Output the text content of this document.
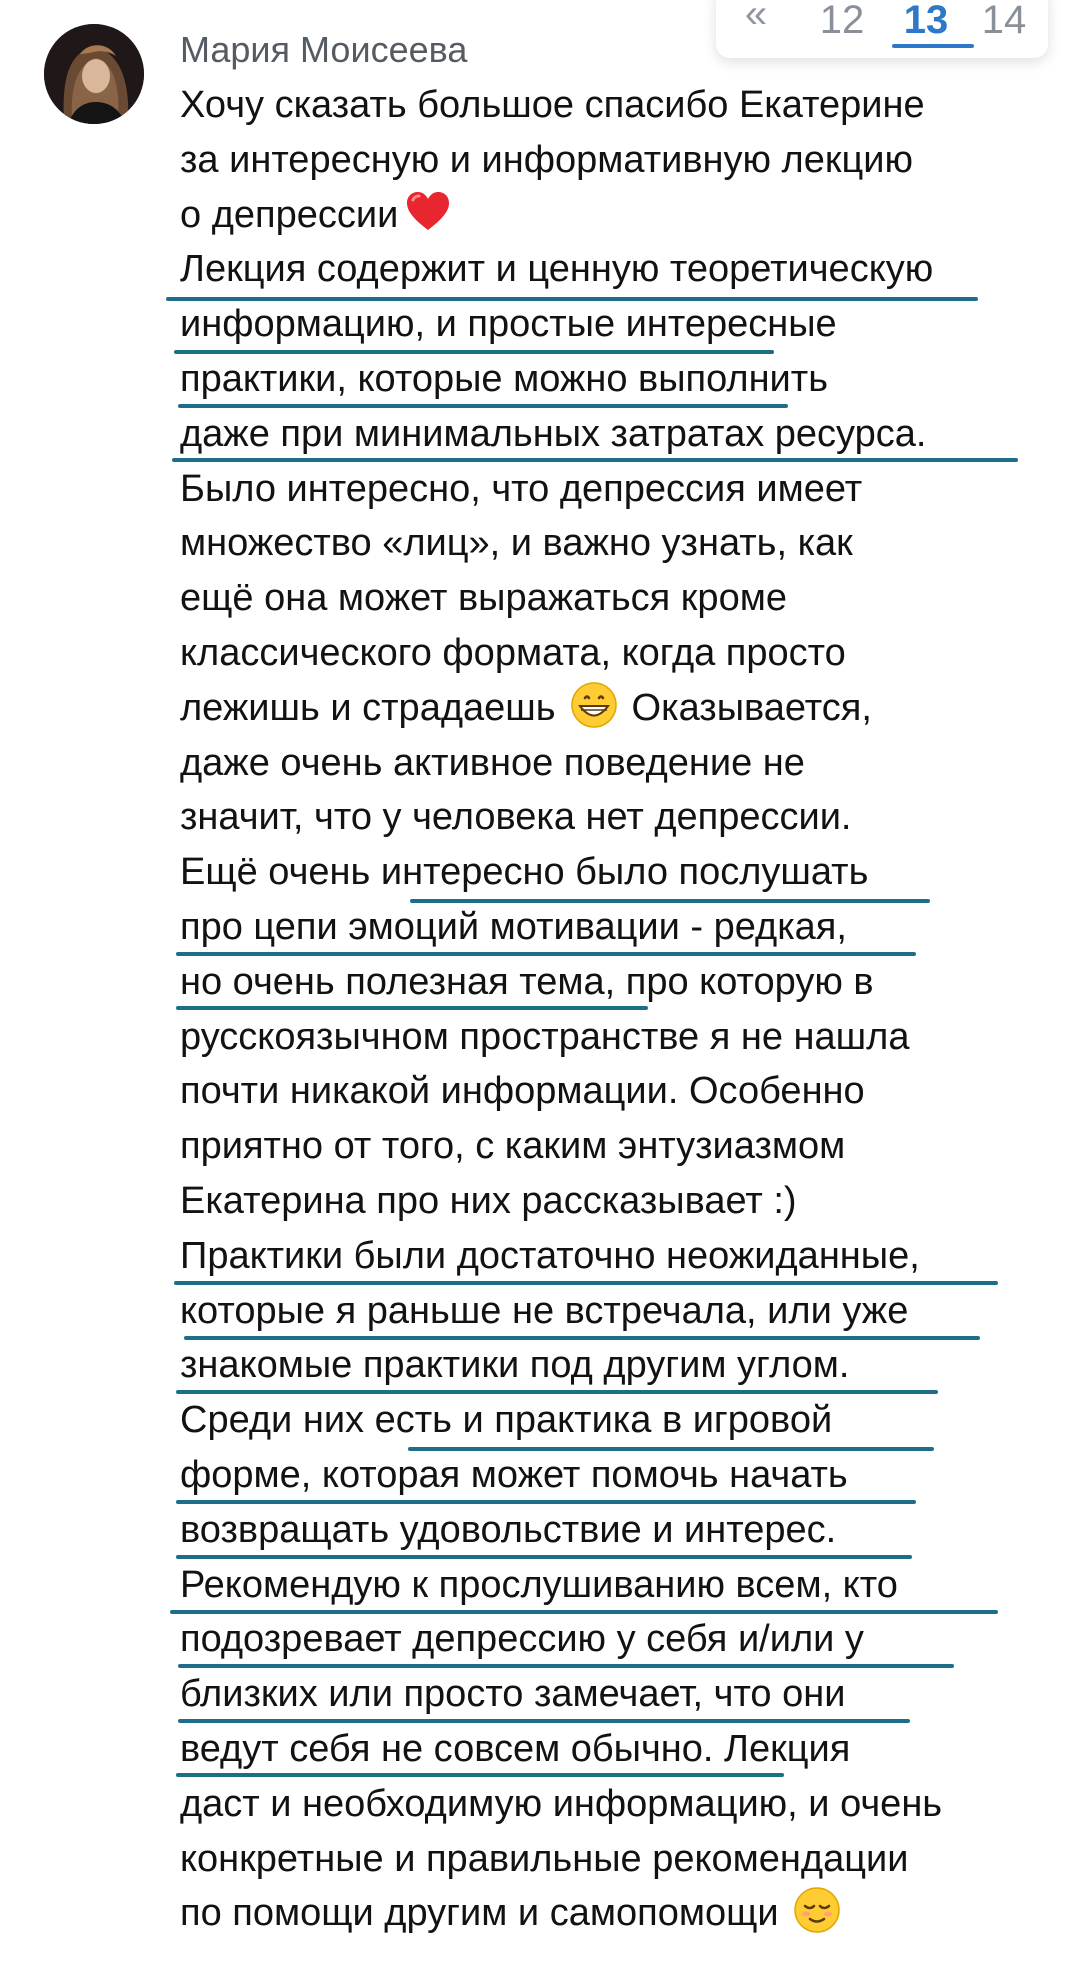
Мария Моисеева
« 12 13 14
Хочу сказать большое спасибо Екатерине
за интересную и информативную лекцию
о депрессии
Лекция содержит и ценную теоретическую
информацию, и простые интересные
практики, которые можно выполнить
даже при минимальных затратах ресурса.
Было интересно, что депрессия имеет
множество «лиц», и важно узнать, как
ещё она может выражаться кроме
классического формата, когда просто
лежишь и страдаешь Оказывается,
даже очень активное поведение не
значит, что у человека нет депрессии.
Ещё очень интересно было послушать
про цепи эмоций мотивации - редкая,
но очень полезная тема, про которую в
русскоязычном пространстве я не нашла
почти никакой информации. Особенно
приятно от того, с каким энтузиазмом
Екатерина про них рассказывает :)
Практики были достаточно неожиданные,
которые я раньше не встречала, или уже
знакомые практики под другим углом.
Среди них есть и практика в игровой
форме, которая может помочь начать
возвращать удовольствие и интерес.
Рекомендую к прослушиванию всем, кто
подозревает депрессию у себя и/или у
близких или просто замечает, что они
ведут себя не совсем обычно. Лекция
даст и необходимую информацию, и очень
конкретные и правильные рекомендации
по помощи другим и самопомощи
